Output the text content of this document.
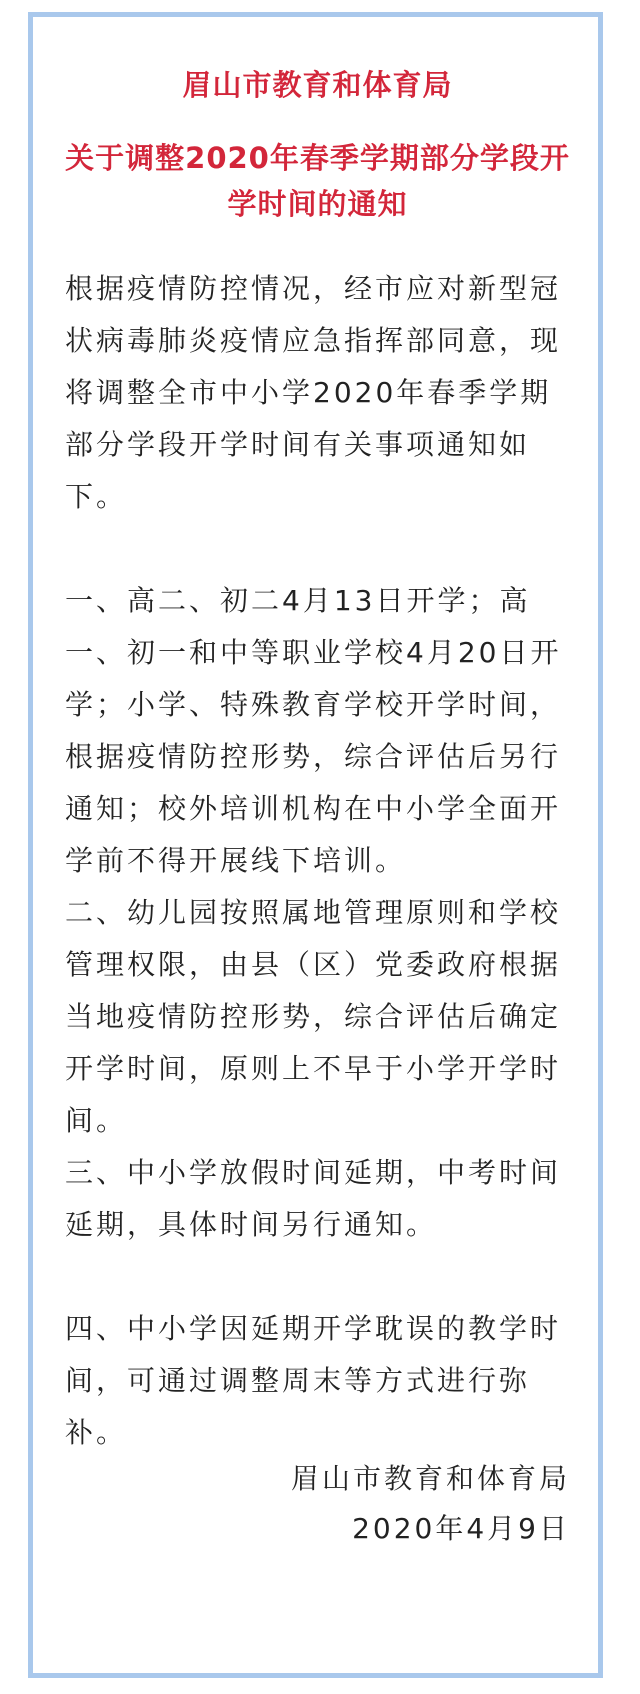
眉山市教育和体育局
关于调整2020年春季学期部分学段开学时间的通知

根据疫情防控情况，经市应对新型冠状病毒肺炎疫情应急指挥部同意，现将调整全市中小学2020年春季学期部分学段开学时间有关事项通知如下。

一、高二、初二4月13日开学；高一、初一和中等职业学校4月20日开学；小学、特殊教育学校开学时间，根据疫情防控形势，综合评估后另行通知；校外培训机构在中小学全面开学前不得开展线下培训。

二、幼儿园按照属地管理原则和学校管理权限，由县（区）党委政府根据当地疫情防控形势，综合评估后确定开学时间，原则上不早于小学开学时间。

三、中小学放假时间延期，中考时间延期，具体时间另行通知。

四、中小学因延期开学耽误的教学时间，可通过调整周末等方式进行弥补。

眉山市教育和体育局

2020年4月9日
